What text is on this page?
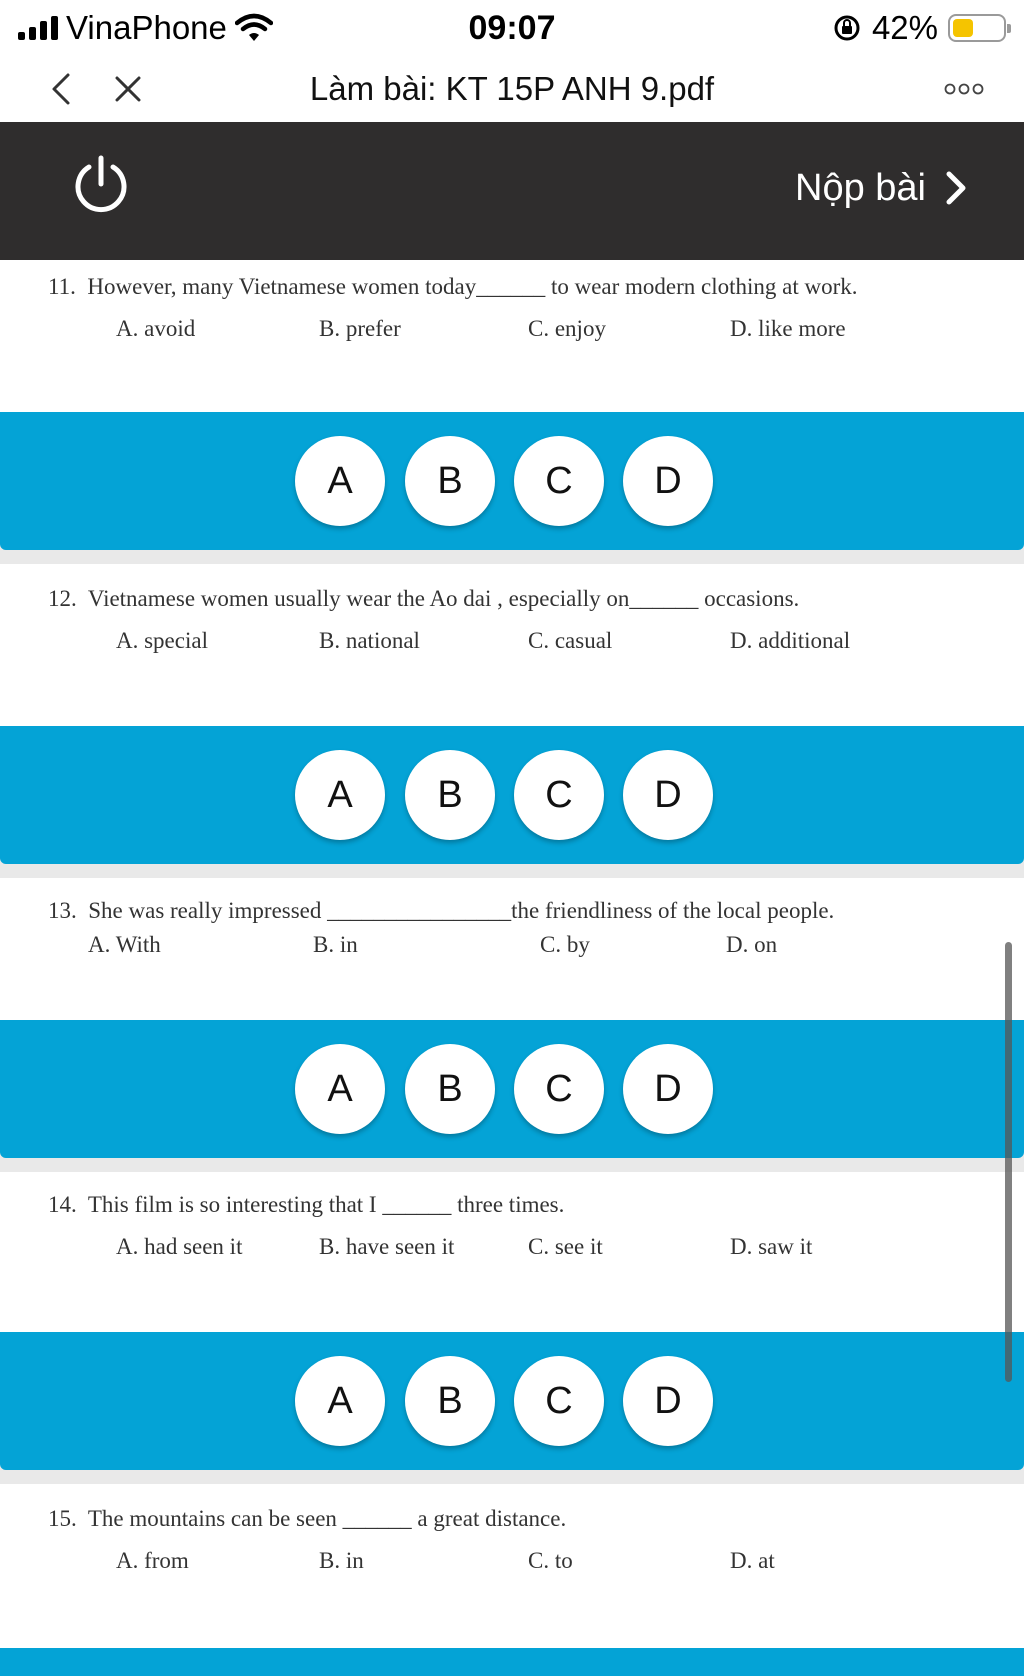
VinaPhone	09:07	42%
Làm bài: KT 15P ANH 9.pdf
Nộp bài
11. However, many Vietnamese women today______ to wear modern clothing at work.
A. avoid	B. prefer	C. enjoy	D. like more
A	B	C	D
12. Vietnamese women usually wear the Ao dai , especially on______ occasions.
A. special	B. national	C. casual	D. additional
A	B	C	D
13. She was really impressed ________________the friendliness of the local people.
A. With	B. in	C. by	D. on
A	B	C	D
14. This film is so interesting that I ______ three times.
A. had seen it	B. have seen it	C. see it	D. saw it
A	B	C	D
15. The mountains can be seen ______ a great distance.
A. from	B. in	C. to	D. at
